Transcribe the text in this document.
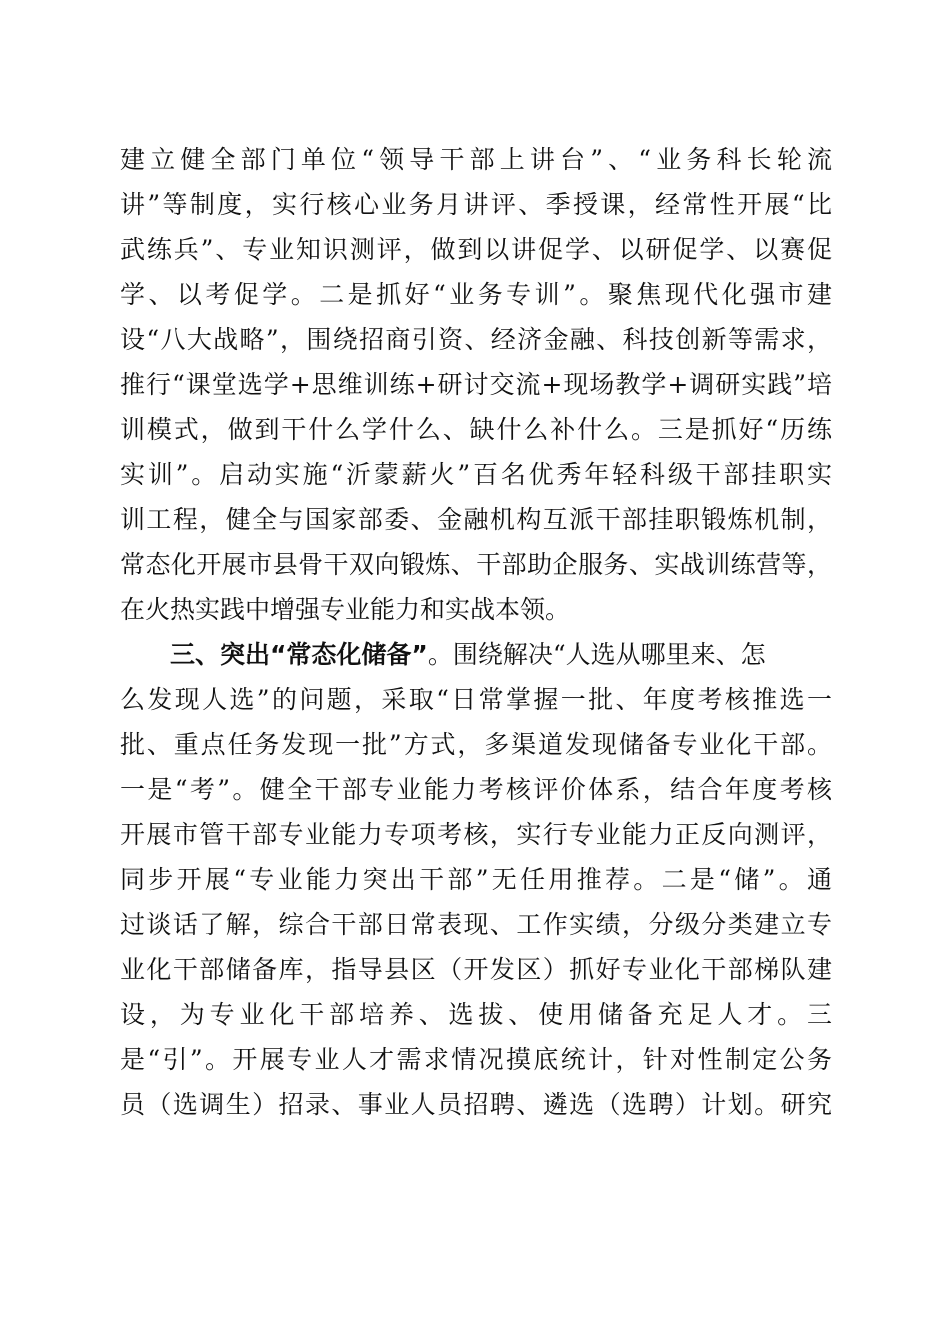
建立健全部门单位“领导干部上讲台”、“业务科长轮流
讲”等制度，实行核心业务月讲评、季授课，经常性开展“比
武练兵”、专业知识测评，做到以讲促学、以研促学、以赛促
学、以考促学。二是抓好“业务专训”。聚焦现代化强市建
设“八大战略”，围绕招商引资、经济金融、科技创新等需求，
推行“课堂选学+思维训练+研讨交流+现场教学+调研实践”培
训模式，做到干什么学什么、缺什么补什么。三是抓好“历练
实训”。启动实施“沂蒙薪火”百名优秀年轻科级干部挂职实
训工程，健全与国家部委、金融机构互派干部挂职锻炼机制，
常态化开展市县骨干双向锻炼、干部助企服务、实战训练营等，
在火热实践中增强专业能力和实战本领。
三、突出“常态化储备”。围绕解决“人选从哪里来、怎
么发现人选”的问题，采取“日常掌握一批、年度考核推选一
批、重点任务发现一批”方式，多渠道发现储备专业化干部。
一是“考”。健全干部专业能力考核评价体系，结合年度考核
开展市管干部专业能力专项考核，实行专业能力正反向测评，
同步开展“专业能力突出干部”无任用推荐。二是“储”。通
过谈话了解，综合干部日常表现、工作实绩，分级分类建立专
业化干部储备库，指导县区（开发区）抓好专业化干部梯队建
设，为专业化干部培养、选拔、使用储备充足人才。三
是“引”。开展专业人才需求情况摸底统计，针对性制定公务
员（选调生）招录、事业人员招聘、遴选（选聘）计划。研究
